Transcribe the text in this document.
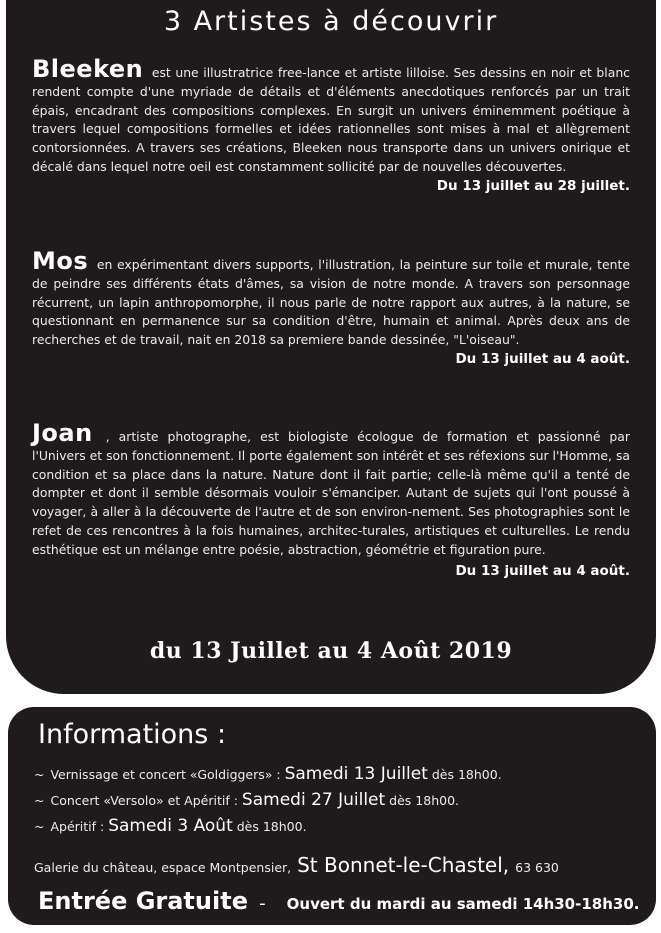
3 Artistes à découvrir
Bleeken est une illustratrice free-lance et artiste lilloise. Ses dessins en noir et blanc rendent compte d'une myriade de détails et d'éléments anecdotiques renforcés par un trait épais, encadrant des compositions complexes. En surgit un univers éminemment poétique à travers lequel compositions formelles et idées rationnelles sont mises à mal et allègrement contorsionnées. A travers ses créations, Bleeken nous transporte dans un univers onirique et décalé dans lequel notre oeil est constamment sollicité par de nouvelles découvertes.
Du 13 juillet au 28 juillet.
Mos en expérimentant divers supports, l'illustration, la peinture sur toile et murale, tente de peindre ses différents états d'âmes, sa vision de notre monde. A travers son personnage récurrent, un lapin anthropomorphe, il nous parle de notre rapport aux autres, à la nature, se questionnant en permanence sur sa condition d'être, humain et animal. Après deux ans de recherches et de travail, nait en 2018 sa premiere bande dessinée, "L'oiseau".
Du 13 juillet au 4 août.
Joan , artiste photographe, est biologiste écologue de formation et passionné par l'Univers et son fonctionnement. Il porte également son intérêt et ses réfexions sur l'Homme, sa condition et sa place dans la nature. Nature dont il fait partie; celle-là même qu'il a tenté de dompter et dont il semble désormais vouloir s'émanciper. Autant de sujets qui l'ont poussé à voyager, à aller à la découverte de l'autre et de son environ-nement. Ses photographies sont le refet de ces rencontres à la fois humaines, architec-turales, artistiques et culturelles. Le rendu esthétique est un mélange entre poésie, abstraction, géométrie et figuration pure.
Du 13 juillet au 4 août.
du 13 Juillet au 4 Août 2019
Informations :
~ Vernissage et concert «Goldiggers» : Samedi 13 Juillet dès 18h00.
~ Concert «Versolo» et Apéritif : Samedi 27 Juillet dès 18h00.
~ Apéritif : Samedi 3 Août dès 18h00.
Galerie du château, espace Montpensier, St Bonnet-le-Chastel, 63 630
Entrée Gratuite - Ouvert du mardi au samedi 14h30-18h30.
